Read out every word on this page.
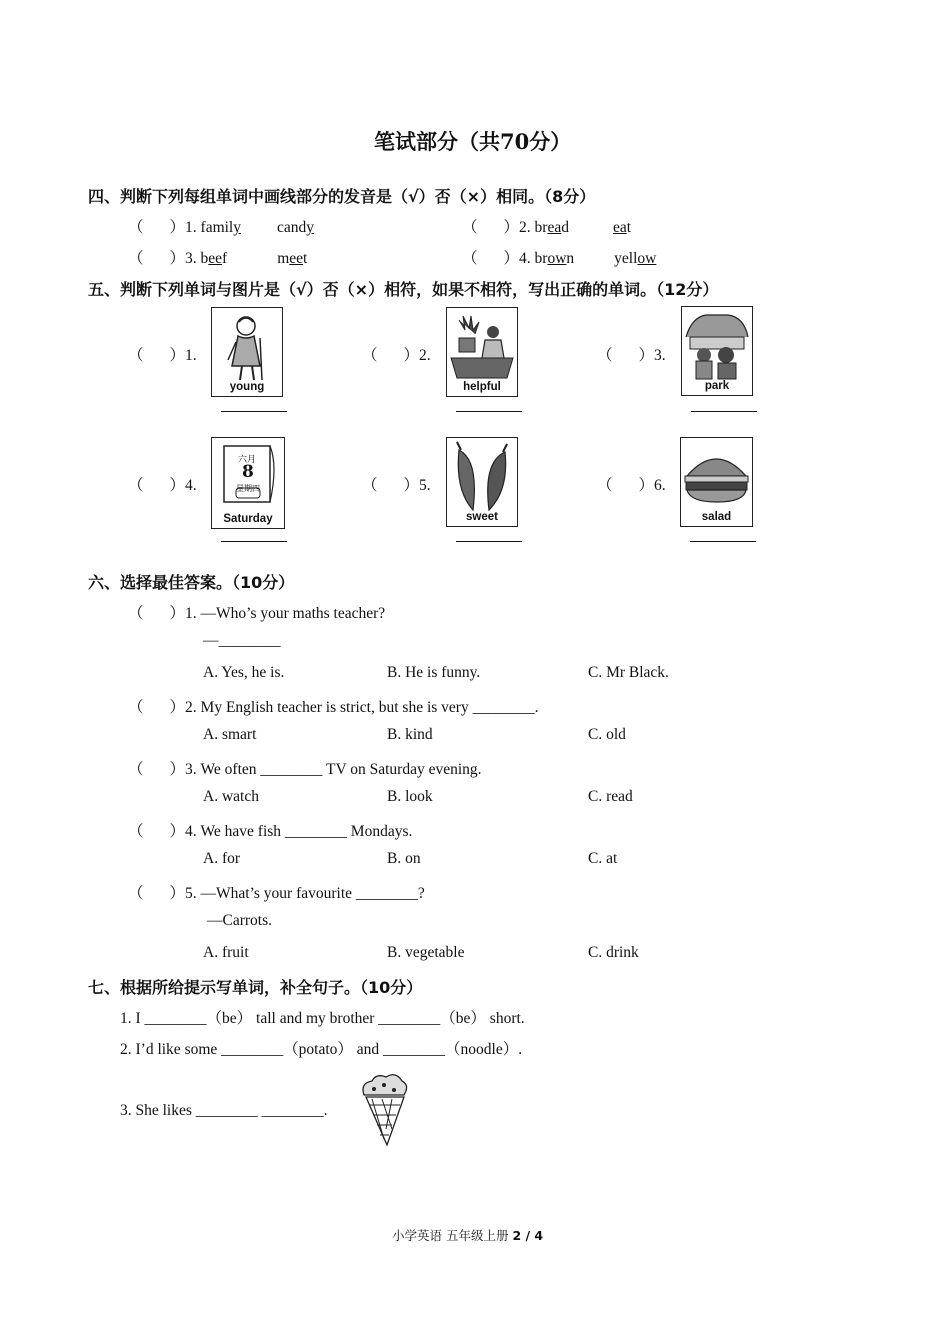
笔试部分（共70分）
四、判断下列每组单词中画线部分的发音是（√）否（×）相同。（8分）
（ ）1. family candy	（ ）2. bread	eat
（ ）3. beef	meet	（ ）4. brown	yellow
五、判断下列单词与图片是（√）否（×）相符，如果不相符，写出正确的单词。（12分）
（ ）1.
young
（ ）2.
helpful
（ ）3.
park
（ ）4.
六月
8
星期四
Saturday
（ ）5.
sweet
（ ）6.
salad
六、选择最佳答案。（10分）
（ ）1. —Who’s your maths teacher?
—________
A. Yes, he is.	B. He is funny.	C. Mr Black.
（ ）2. My English teacher is strict, but she is very ________.
A. smart	B. kind	C. old
（ ）3. We often ________ TV on Saturday evening.
A. watch	B. look	C. read
（ ）4. We have fish ________ Mondays.
A. for	B. on	C. at
（ ）5. —What’s your favourite ________?
—Carrots.
A. fruit	B. vegetable	C. drink
七、根据所给提示写单词，补全句子。（10分）
1. I ________（be） tall and my brother ________（be） short.
2. I’d like some ________（potato） and ________（noodle）.
3. She likes ________ ________.
小学英语 五年级上册 2 / 4
